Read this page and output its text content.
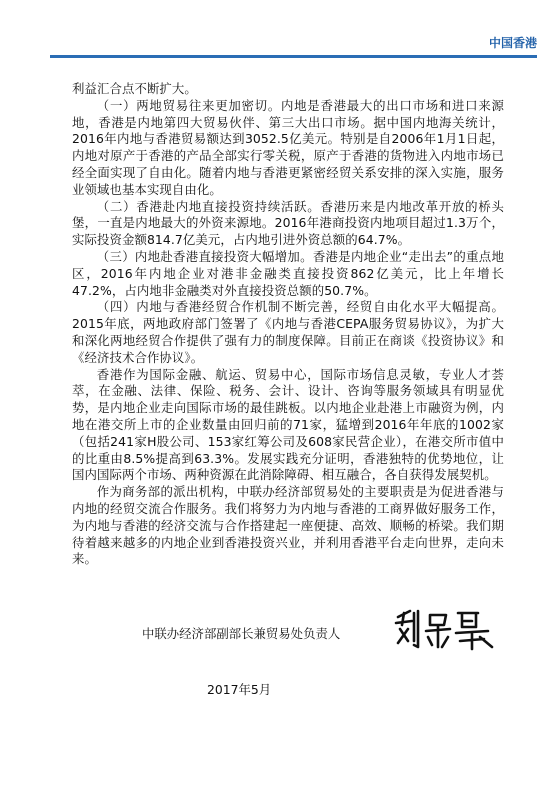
中国香港

利益汇合点不断扩大。

（一）两地贸易往来更加密切。内地是香港最大的出口市场和进口来源地，香港是内地第四大贸易伙伴、第三大出口市场。据中国内地海关统计，2016年内地与香港贸易额达到3052.5亿美元。特别是自2006年1月1日起，内地对原产于香港的产品全部实行零关税，原产于香港的货物进入内地市场已经全面实现了自由化。随着内地与香港更紧密经贸关系安排的深入实施，服务业领域也基本实现自由化。

（二）香港赴内地直接投资持续活跃。香港历来是内地改革开放的桥头堡，一直是内地最大的外资来源地。2016年港商投资内地项目超过1.3万个，实际投资金额814.7亿美元，占内地引进外资总额的64.7%。

（三）内地赴香港直接投资大幅增加。香港是内地企业“走出去”的重点地区，2016年内地企业对港非金融类直接投资862亿美元，比上年增长47.2%，占内地非金融类对外直接投资总额的50.7%。

（四）内地与香港经贸合作机制不断完善，经贸自由化水平大幅提高。2015年底，两地政府部门签署了《内地与香港CEPA服务贸易协议》，为扩大和深化两地经贸合作提供了强有力的制度保障。目前正在商谈《投资协议》和《经济技术合作协议》。

香港作为国际金融、航运、贸易中心，国际市场信息灵敏，专业人才荟萃，在金融、法律、保险、税务、会计、设计、咨询等服务领域具有明显优势，是内地企业走向国际市场的最佳跳板。以内地企业赴港上市融资为例，内地在港交所上市的企业数量由回归前的71家，猛增到2016年年底的1002家（包括241家H股公司、153家红筹公司及608家民营企业），在港交所市值中的比重由8.5%提高到63.3%。发展实践充分证明，香港独特的优势地位，让国内国际两个市场、两种资源在此消除障碍、相互融合，各自获得发展契机。

作为商务部的派出机构，中联办经济部贸易处的主要职责是为促进香港与内地的经贸交流合作服务。我们将努力为内地与香港的工商界做好服务工作，为内地与香港的经济交流与合作搭建起一座便捷、高效、顺畅的桥梁。我们期待着越来越多的内地企业到香港投资兴业，并利用香港平台走向世界，走向未来。

中联办经济部副部长兼贸易处负责人
2017年5月
